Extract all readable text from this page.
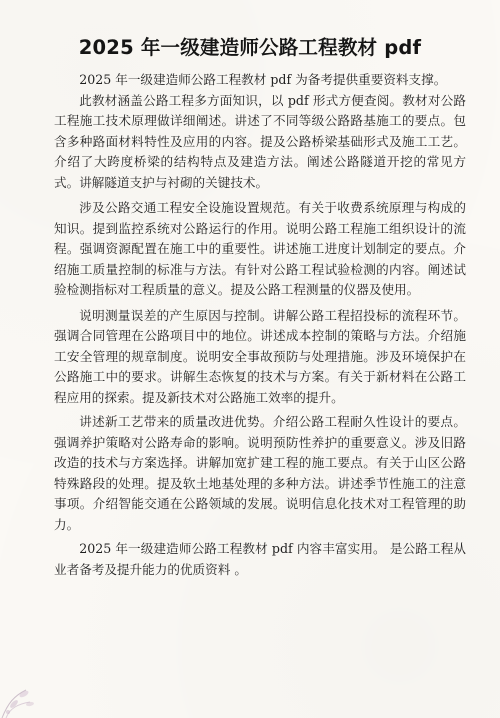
2025 年一级建造师公路工程教材 pdf

2025 年一级建造师公路工程教材 pdf 为备考提供重要资料支撑。

此教材涵盖公路工程多方面知识，以 pdf 形式方便查阅。教材对公路工程施工技术原理做详细阐述。讲述了不同等级公路路基施工的要点。包含多种路面材料特性及应用的内容。提及公路桥梁基础形式及施工工艺。介绍了大跨度桥梁的结构特点及建造方法。阐述公路隧道开挖的常见方式。讲解隧道支护与衬砌的关键技术。

涉及公路交通工程安全设施设置规范。有关于收费系统原理与构成的知识。提到监控系统对公路运行的作用。说明公路工程施工组织设计的流程。强调资源配置在施工中的重要性。讲述施工进度计划制定的要点。介绍施工质量控制的标准与方法。有针对公路工程试验检测的内容。阐述试验检测指标对工程质量的意义。提及公路工程测量的仪器及使用。

说明测量误差的产生原因与控制。讲解公路工程招投标的流程环节。强调合同管理在公路项目中的地位。讲述成本控制的策略与方法。介绍施工安全管理的规章制度。说明安全事故预防与处理措施。涉及环境保护在公路施工中的要求。讲解生态恢复的技术与方案。有关于新材料在公路工程应用的探索。提及新技术对公路施工效率的提升。

讲述新工艺带来的质量改进优势。介绍公路工程耐久性设计的要点。强调养护策略对公路寿命的影响。说明预防性养护的重要意义。涉及旧路改造的技术与方案选择。讲解加宽扩建工程的施工要点。有关于山区公路特殊路段的处理。提及软土地基处理的多种方法。讲述季节性施工的注意事项。介绍智能交通在公路领域的发展。说明信息化技术对工程管理的助力。

2025 年一级建造师公路工程教材 pdf 内容丰富实用。 是公路工程从业者备考及提升能力的优质资料 。
